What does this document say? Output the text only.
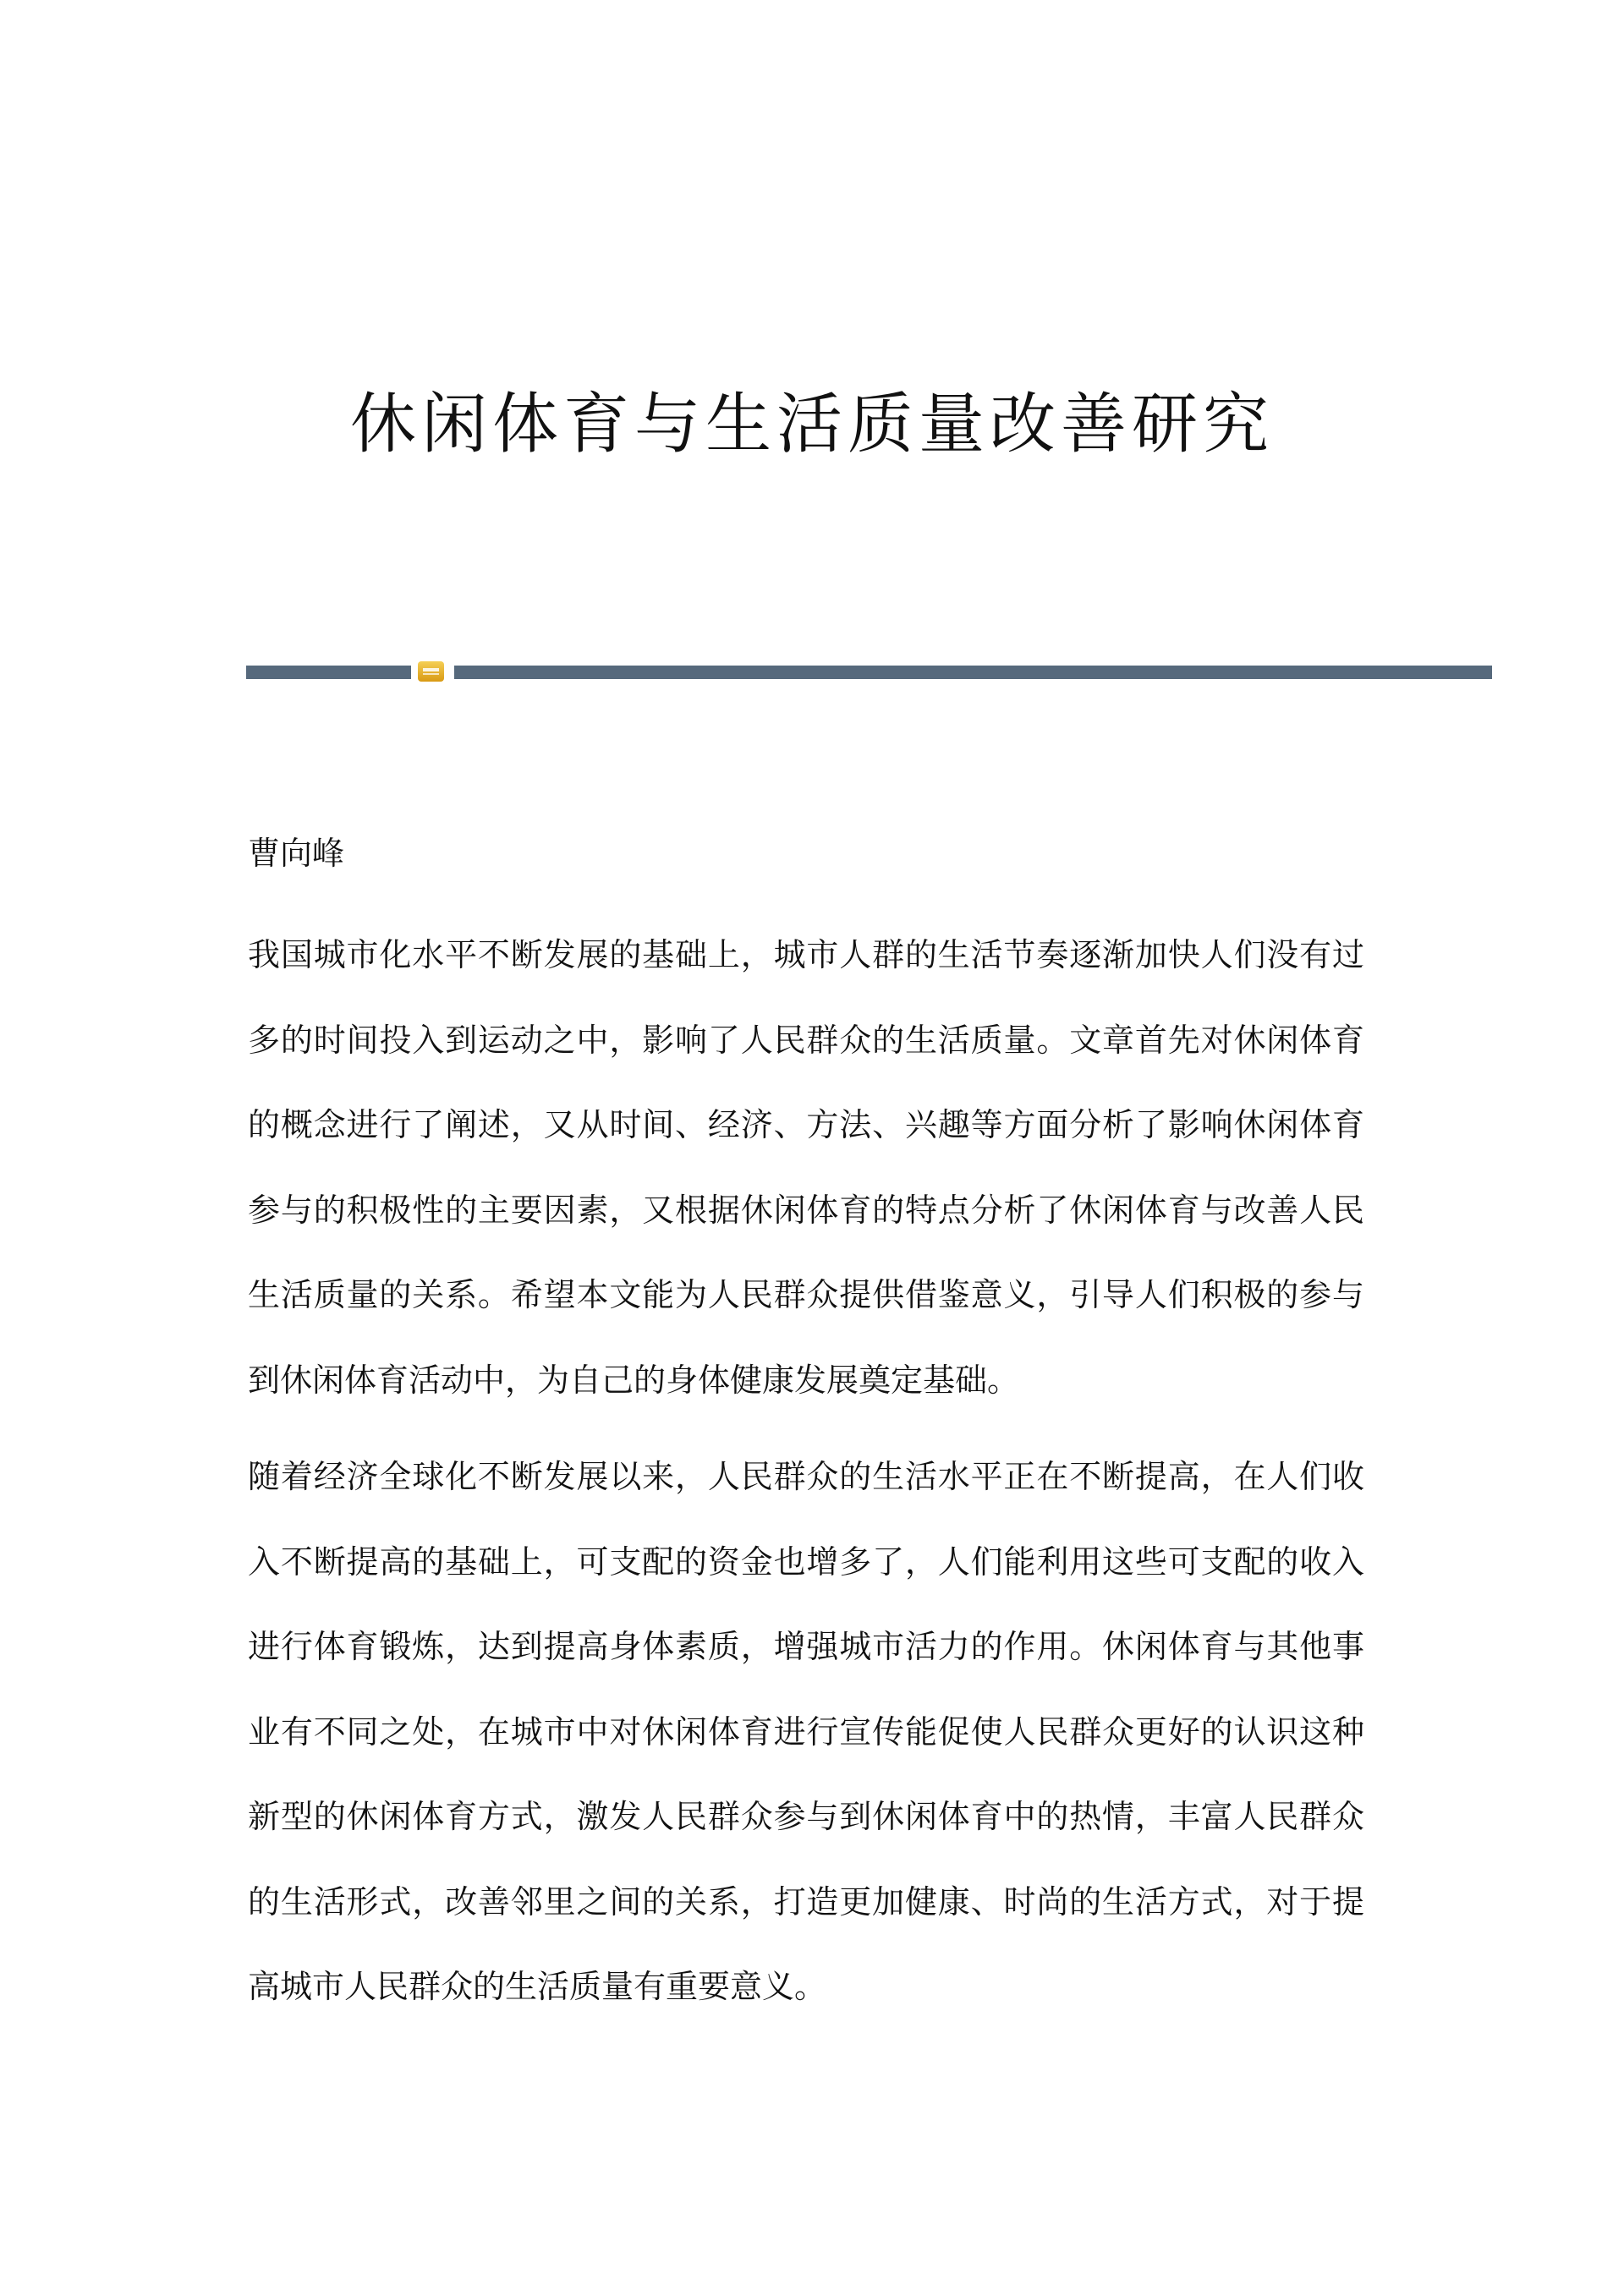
休闲体育与生活质量改善研究

曹向峰

我国城市化水平不断发展的基础上，城市人群的生活节奏逐渐加快人们没有过多的时间投入到运动之中，影响了人民群众的生活质量。文章首先对休闲体育的概念进行了阐述，又从时间、经济、方法、兴趣等方面分析了影响休闲体育参与的积极性的主要因素，又根据休闲体育的特点分析了休闲体育与改善人民生活质量的关系。希望本文能为人民群众提供借鉴意义，引导人们积极的参与到休闲体育活动中，为自己的身体健康发展奠定基础。

随着经济全球化不断发展以来，人民群众的生活水平正在不断提高，在人们收入不断提高的基础上，可支配的资金也增多了，人们能利用这些可支配的收入进行体育锻炼，达到提高身体素质，增强城市活力的作用。休闲体育与其他事业有不同之处，在城市中对休闲体育进行宣传能促使人民群众更好的认识这种新型的休闲体育方式，激发人民群众参与到休闲体育中的热情，丰富人民群众的生活形式，改善邻里之间的关系，打造更加健康、时尚的生活方式，对于提高城市人民群众的生活质量有重要意义。
